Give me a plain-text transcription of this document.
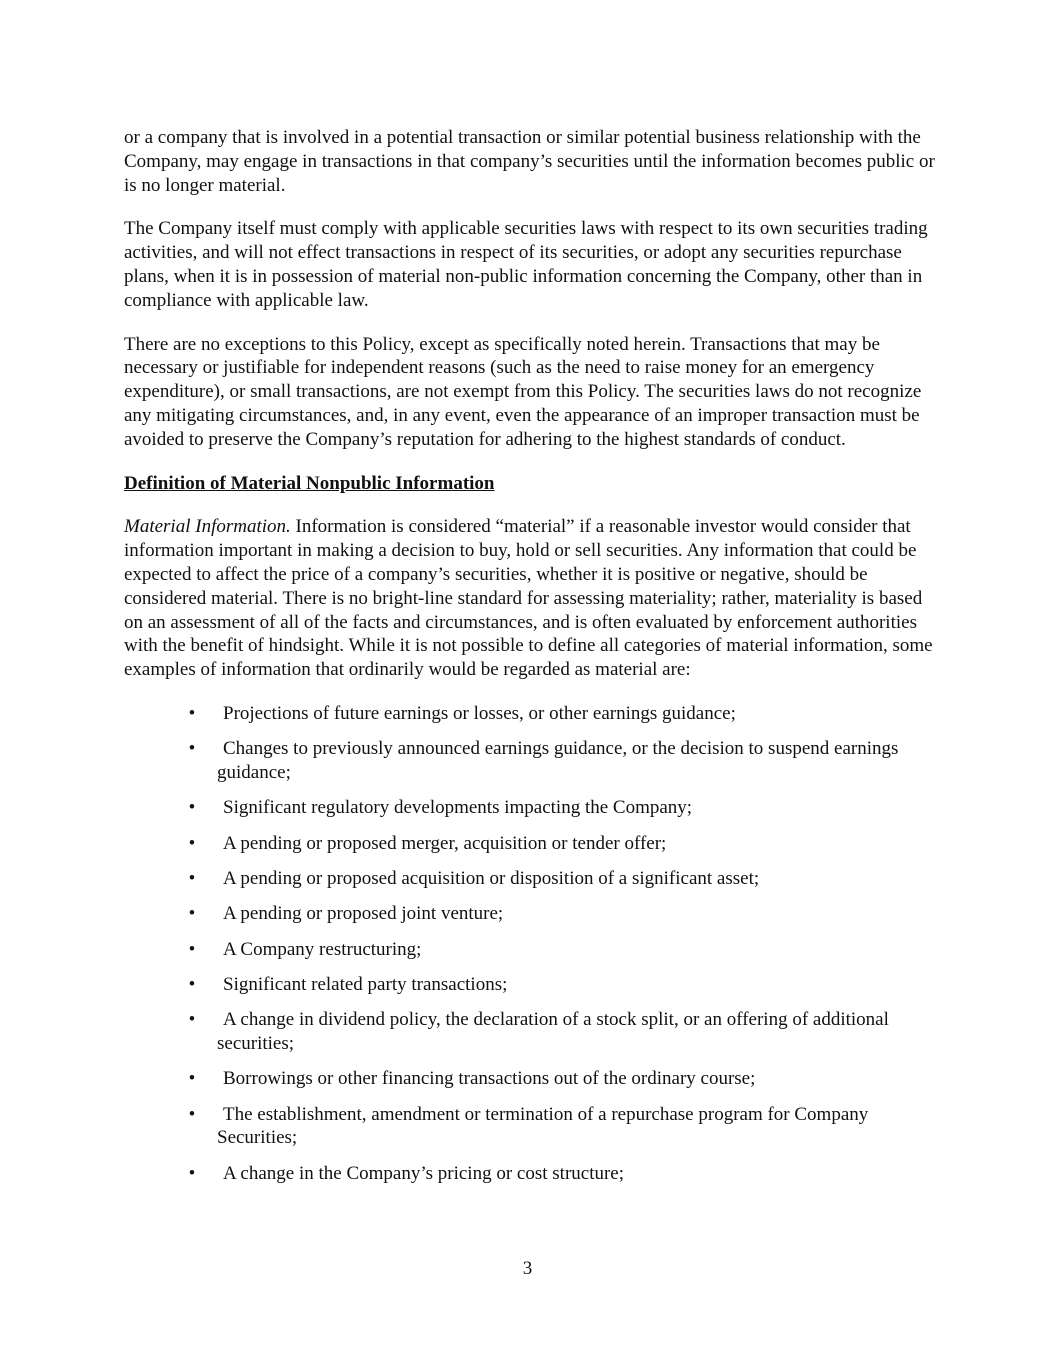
or a company that is involved in a potential transaction or similar potential business relationship with the Company, may engage in transactions in that company’s securities until the information becomes public or is no longer material.

The Company itself must comply with applicable securities laws with respect to its own securities trading activities, and will not effect transactions in respect of its securities, or adopt any securities repurchase plans, when it is in possession of material non-public information concerning the Company, other than in compliance with applicable law.

There are no exceptions to this Policy, except as specifically noted herein. Transactions that may be necessary or justifiable for independent reasons (such as the need to raise money for an emergency expenditure), or small transactions, are not exempt from this Policy. The securities laws do not recognize any mitigating circumstances, and, in any event, even the appearance of an improper transaction must be avoided to preserve the Company’s reputation for adhering to the highest standards of conduct.

Definition of Material Nonpublic Information

Material Information. Information is considered “material” if a reasonable investor would consider that information important in making a decision to buy, hold or sell securities. Any information that could be expected to affect the price of a company’s securities, whether it is positive or negative, should be considered material. There is no bright-line standard for assessing materiality; rather, materiality is based on an assessment of all of the facts and circumstances, and is often evaluated by enforcement authorities with the benefit of hindsight. While it is not possible to define all categories of material information, some examples of information that ordinarily would be regarded as material are:

•	Projections of future earnings or losses, or other earnings guidance;
•	Changes to previously announced earnings guidance, or the decision to suspend earnings guidance;
•	Significant regulatory developments impacting the Company;
•	A pending or proposed merger, acquisition or tender offer;
•	A pending or proposed acquisition or disposition of a significant asset;
•	A pending or proposed joint venture;
•	A Company restructuring;
•	Significant related party transactions;
•	A change in dividend policy, the declaration of a stock split, or an offering of additional securities;
•	Borrowings or other financing transactions out of the ordinary course;
•	The establishment, amendment or termination of a repurchase program for Company Securities;
•	A change in the Company’s pricing or cost structure;
3
